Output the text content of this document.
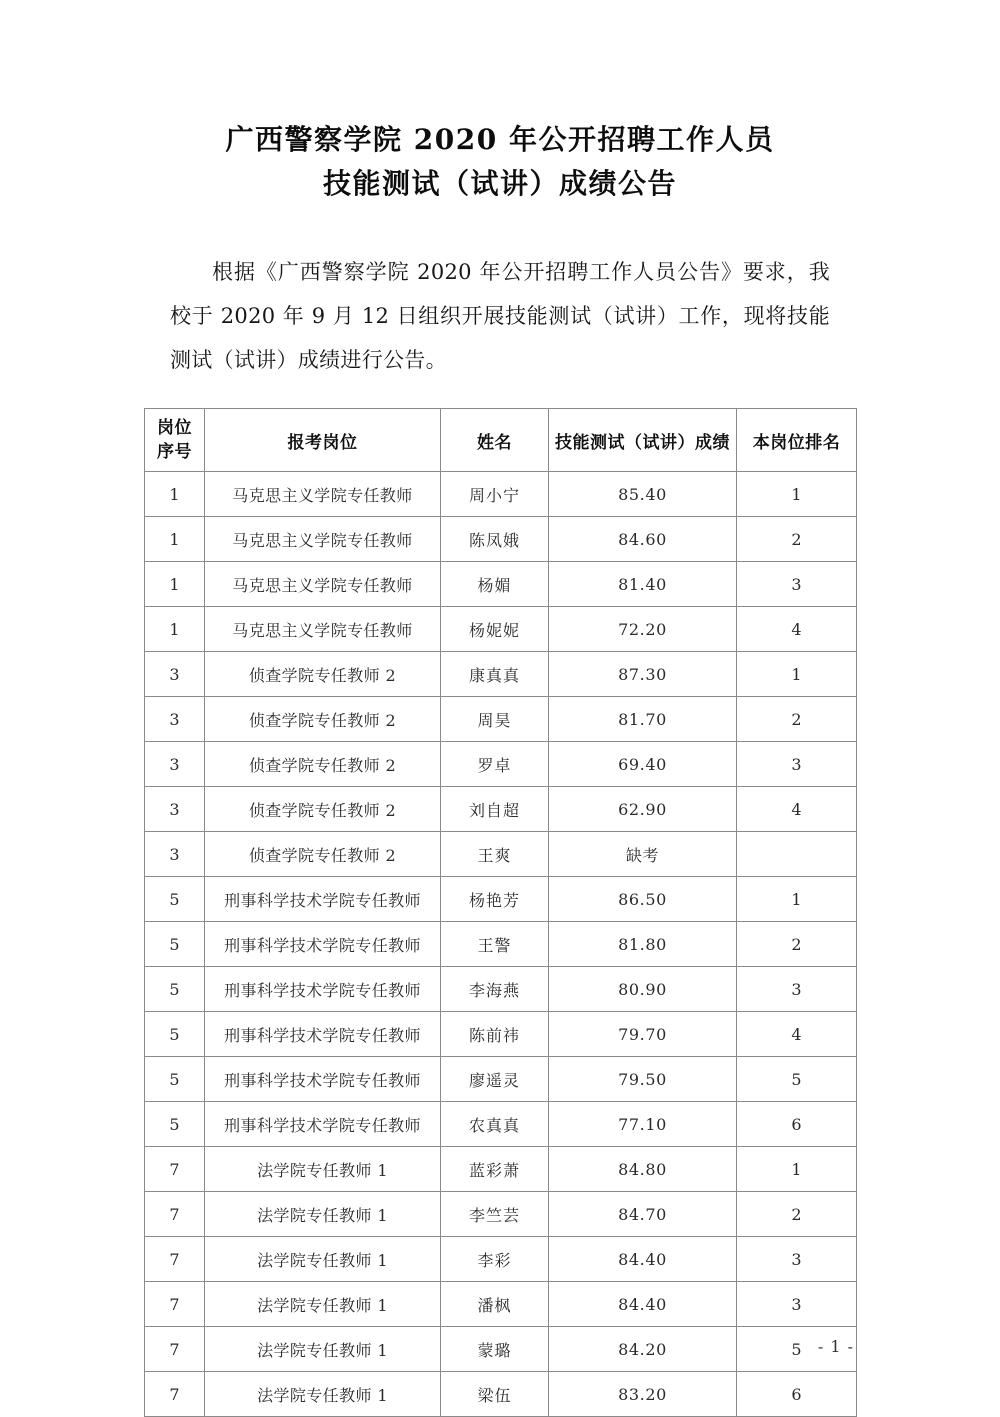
广西警察学院 2020 年公开招聘工作人员
技能测试（试讲）成绩公告

根据《广西警察学院 2020 年公开招聘工作人员公告》要求，我校于 2020 年 9 月 12 日组织开展技能测试（试讲）工作，现将技能测试（试讲）成绩进行公告。

岗位
序号	报考岗位	姓名	技能测试（试讲）成绩	本岗位排名
1	马克思主义学院专任教师	周小宁	85.40	1
1	马克思主义学院专任教师	陈凤娥	84.60	2
1	马克思主义学院专任教师	杨媚	81.40	3
1	马克思主义学院专任教师	杨妮妮	72.20	4
3	侦查学院专任教师 2	康真真	87.30	1
3	侦查学院专任教师 2	周昊	81.70	2
3	侦查学院专任教师 2	罗卓	69.40	3
3	侦查学院专任教师 2	刘自超	62.90	4
3	侦查学院专任教师 2	王爽	缺考	
5	刑事科学技术学院专任教师	杨艳芳	86.50	1
5	刑事科学技术学院专任教师	王警	81.80	2
5	刑事科学技术学院专任教师	李海燕	80.90	3
5	刑事科学技术学院专任教师	陈前祎	79.70	4
5	刑事科学技术学院专任教师	廖遥灵	79.50	5
5	刑事科学技术学院专任教师	农真真	77.10	6
7	法学院专任教师 1	蓝彩萧	84.80	1
7	法学院专任教师 1	李竺芸	84.70	2
7	法学院专任教师 1	李彩	84.40	3
7	法学院专任教师 1	潘枫	84.40	3
7	法学院专任教师 1	蒙璐	84.20	5
7	法学院专任教师 1	梁伍	83.20	6
- 1 -
